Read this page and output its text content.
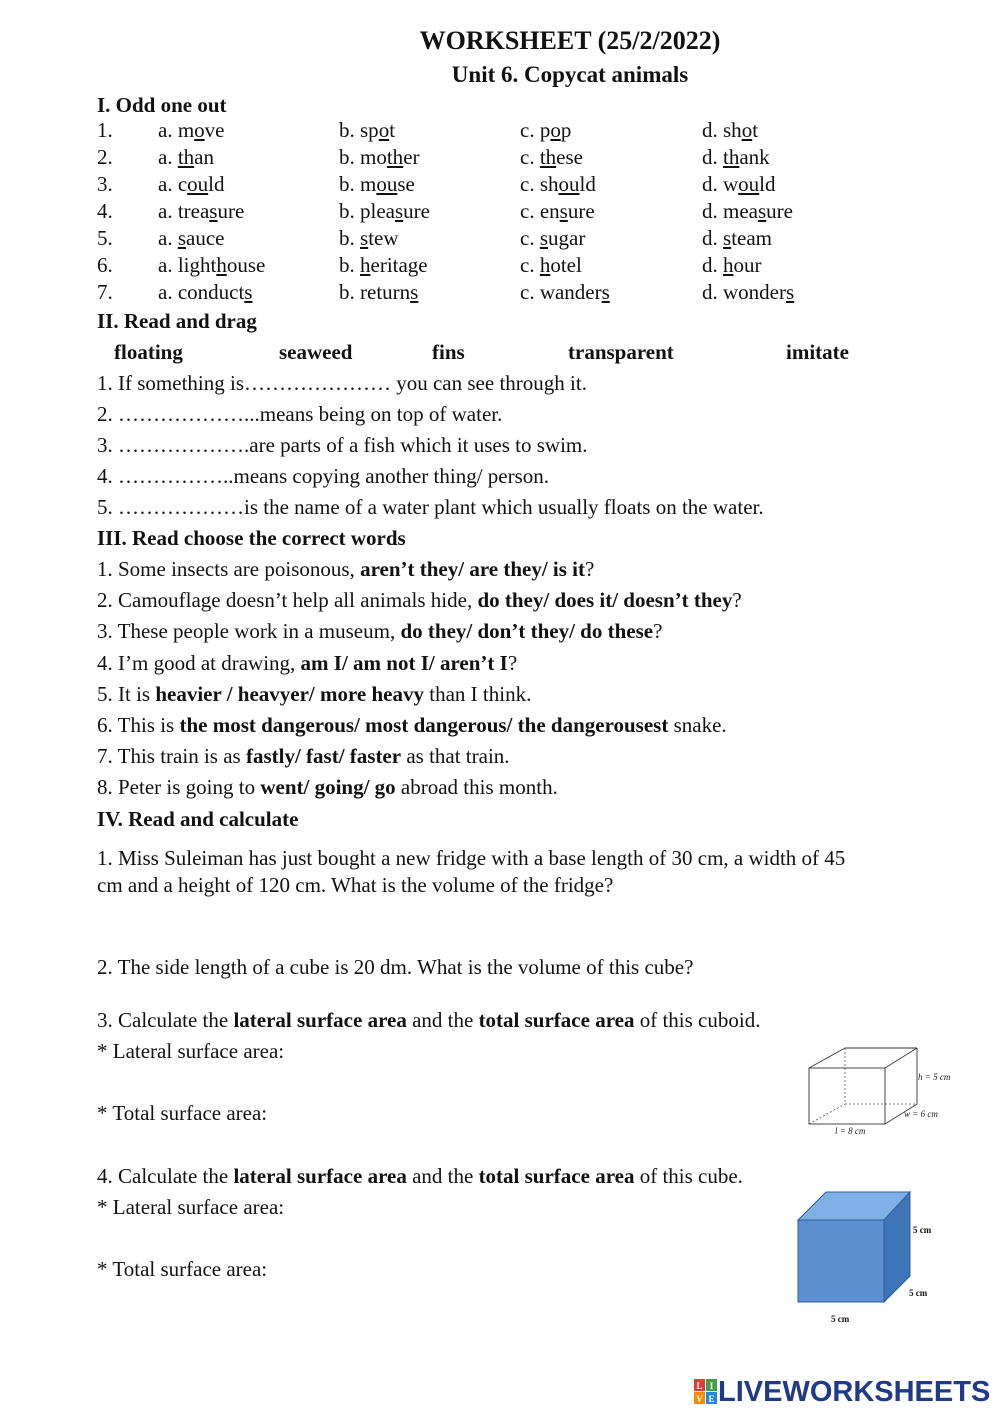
WORKSHEET (25/2/2022)
Unit 6. Copycat animals
I. Odd one out
1. a. move	b. spot	c. pop	d. shot
2. a. than	b. mother	c. these	d. thank
3. a. could	b. mouse	c. should	d. would
4. a. treasure	b. pleasure	c. ensure	d. measure
5. a. sauce	b. stew	c. sugar	d. steam
6. a. lighthouse	b. heritage	c. hotel	d. hour
7. a. conducts	b. returns	c. wanders	d. wonders
II. Read and drag
floating	seaweed	fins	transparent	imitate
1. If something is………………… you can see through it.
2. ………………...means being on top of water.
3. ……………….are parts of a fish which it uses to swim.
4. ……………..means copying another thing/ person.
5. ………………is the name of a water plant which usually floats on the water.
III. Read choose the correct words
1. Some insects are poisonous, aren’t they/ are they/ is it?
2. Camouflage doesn’t help all animals hide, do they/ does it/ doesn’t they?
3. These people work in a museum, do they/ don’t they/ do these?
4. I’m good at drawing, am I/ am not I/ aren’t I?
5. It is heavier / heavyer/ more heavy than I think.
6. This is the most dangerous/ most dangerous/ the dangerousest snake.
7. This train is as fastly/ fast/ faster as that train.
8. Peter is going to went/ going/ go abroad this month.
IV. Read and calculate
1. Miss Suleiman has just bought a new fridge with a base length of 30 cm, a width of 45
cm and a height of 120 cm. What is the volume of the fridge?
2. The side length of a cube is 20 dm. What is the volume of this cube?
3. Calculate the lateral surface area and the total surface area of this cuboid.
* Lateral surface area:
* Total surface area:
h = 5 cm
w = 6 cm
l = 8 cm
4. Calculate the lateral surface area and the total surface area of this cube.
* Lateral surface area:
* Total surface area:
5 cm
5 cm
5 cm
L I
V E LIVEWORKSHEETS
